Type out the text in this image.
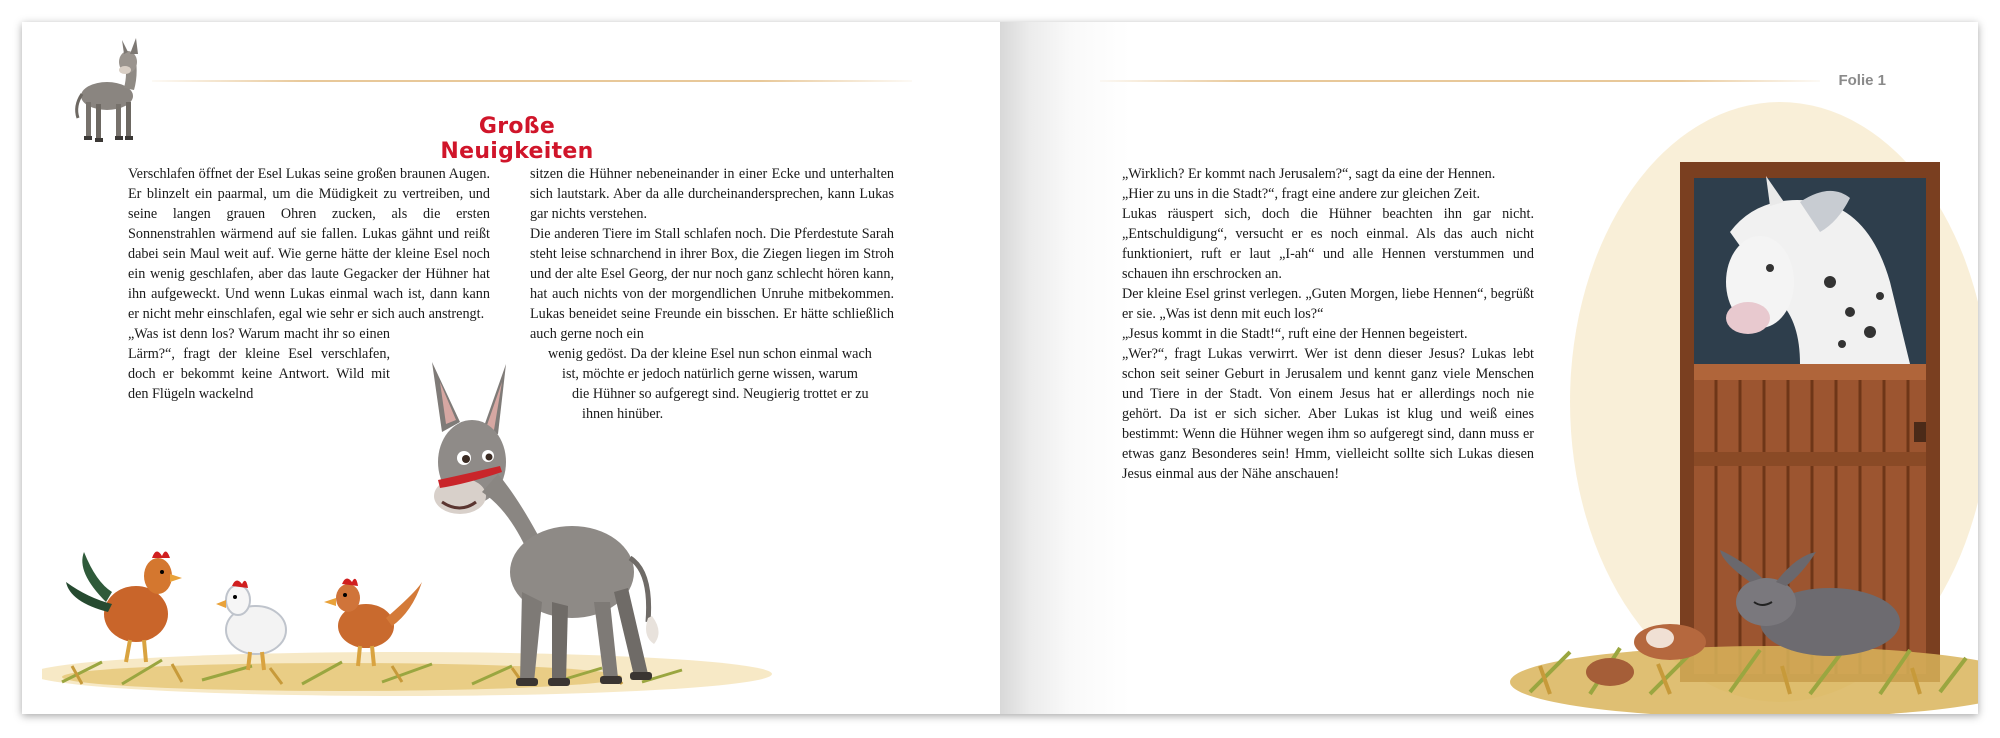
Große Neuigkeiten

Verschlafen öffnet der Esel Lukas seine großen braunen Augen. Er blinzelt ein paarmal, um die Müdigkeit zu vertreiben, und seine langen grauen Ohren zucken, als die ersten Sonnenstrahlen wärmend auf sie fallen. Lukas gähnt und reißt dabei sein Maul weit auf. Wie gerne hätte der kleine Esel noch ein wenig geschlafen, aber das laute Gegacker der Hühner hat ihn aufgeweckt. Und wenn Lukas einmal wach ist, dann kann er nicht mehr einschlafen, egal wie sehr er sich auch anstrengt.

„Was ist denn los? Warum macht ihr so einen Lärm?“, fragt der kleine Esel verschlafen, doch er bekommt keine Antwort. Wild mit den Flügeln wackelnd

sitzen die Hühner nebeneinander in einer Ecke und unterhalten sich lautstark. Aber da alle durcheinandersprechen, kann Lukas gar nichts verstehen.

Die anderen Tiere im Stall schlafen noch. Die Pferdestute Sarah steht leise schnarchend in ihrer Box, die Ziegen liegen im Stroh und der alte Esel Georg, der nur noch ganz schlecht hören kann, hat auch nichts von der morgendlichen Unruhe mitbekommen. Lukas beneidet seine Freunde ein bisschen. Er hätte schließlich auch gerne noch ein

wenig gedöst. Da der kleine Esel nun schon einmal wach

ist, möchte er jedoch natürlich gerne wissen, warum

die Hühner so aufgeregt sind. Neugierig trottet er zu

ihnen hinüber.

Folie 1

„Wirklich? Er kommt nach Jerusalem?“, sagt da eine der Hennen.

„Hier zu uns in die Stadt?“, fragt eine andere zur gleichen Zeit.

Lukas räuspert sich, doch die Hühner beachten ihn gar nicht. „Entschuldigung“, versucht er es noch einmal. Als das auch nicht funktioniert, ruft er laut „I-ah“ und alle Hennen verstummen und schauen ihn erschrocken an.

Der kleine Esel grinst verlegen. „Guten Morgen, liebe Hennen“, begrüßt er sie. „Was ist denn mit euch los?“

„Jesus kommt in die Stadt!“, ruft eine der Hennen begeistert.

„Wer?“, fragt Lukas verwirrt. Wer ist denn dieser Jesus? Lukas lebt schon seit seiner Geburt in Jerusalem und kennt ganz viele Menschen und Tiere in der Stadt. Von einem Jesus hat er allerdings noch nie gehört. Da ist er sich sicher. Aber Lukas ist klug und weiß eines bestimmt: Wenn die Hühner wegen ihm so aufgeregt sind, dann muss er etwas ganz Besonderes sein! Hmm, vielleicht sollte sich Lukas diesen Jesus einmal aus der Nähe anschauen!
